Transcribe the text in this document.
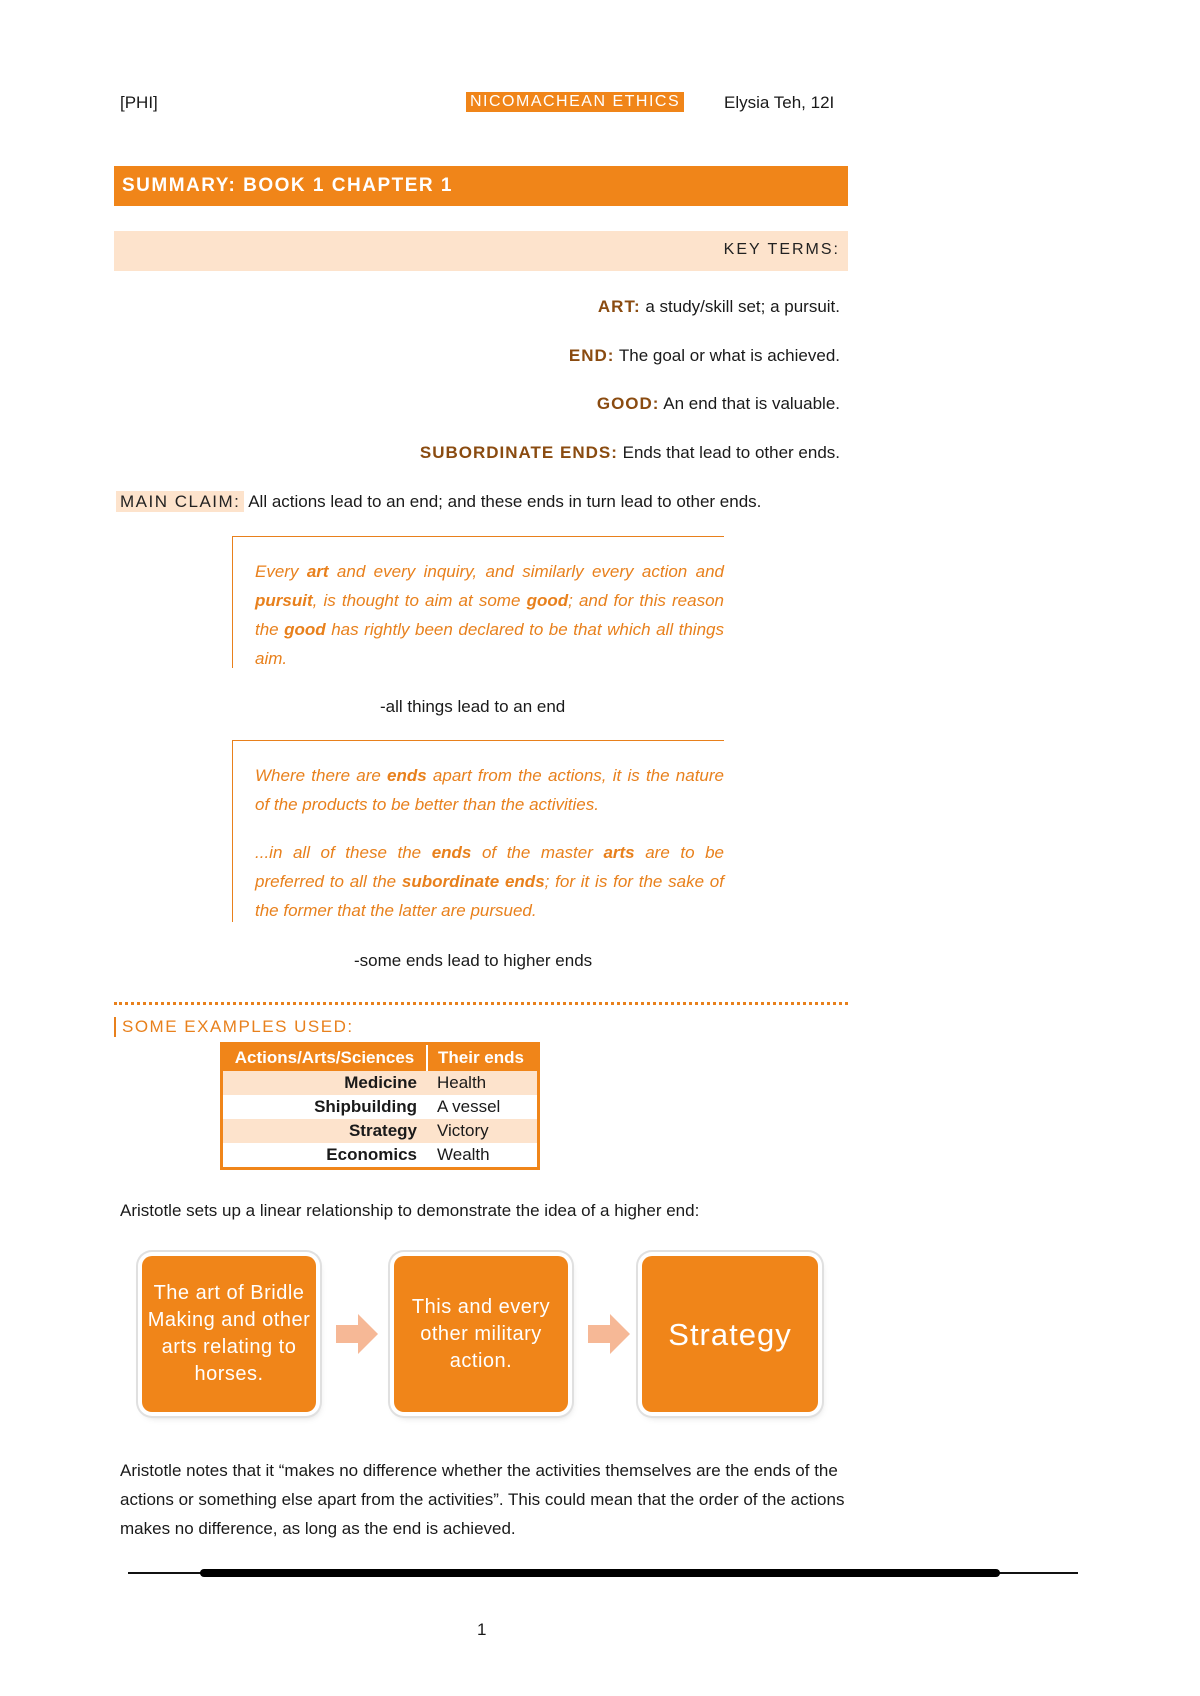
[PHI]	NICOMACHEAN ETHICS	Elysia Teh, 12I
SUMMARY: BOOK 1 CHAPTER 1
KEY TERMS:
ART: a study/skill set; a pursuit.
END: The goal or what is achieved.
GOOD: An end that is valuable.
SUBORDINATE ENDS: Ends that lead to other ends.
MAIN CLAIM: All actions lead to an end; and these ends in turn lead to other ends.

Every art and every inquiry, and similarly every action and pursuit, is thought to aim at some good; and for this reason the good has rightly been declared to be that which all things aim.

-all things lead to an end

Where there are ends apart from the actions, it is the nature of the products to be better than the activities.

...in all of these the ends of the master arts are to be preferred to all the subordinate ends; for it is for the sake of the former that the latter are pursued.

-some ends lead to higher ends
SOME EXAMPLES USED:
Actions/Arts/Sciences	Their ends
Medicine	Health
Shipbuilding	A vessel
Strategy	Victory
Economics	Wealth
Aristotle sets up a linear relationship to demonstrate the idea of a higher end:
The art of Bridle Making and other arts relating to horses.
This and every other military action.
Strategy
Aristotle notes that it “makes no difference whether the activities themselves are the ends of the actions or something else apart from the activities”. This could mean that the order of the actions makes no difference, as long as the end is achieved.
1
